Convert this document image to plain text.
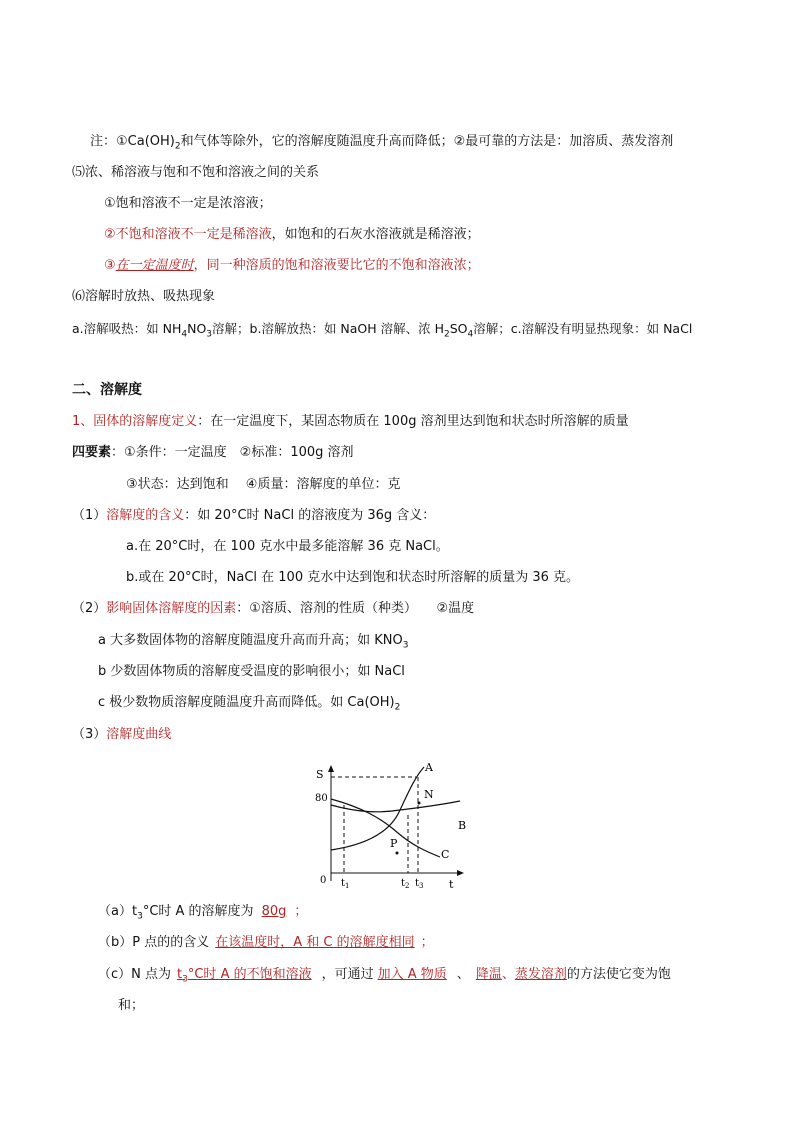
注：$①Ca(OH)_2$和气体等除外，它的溶解度随温度升高而降低；②最可靠的方法是：加溶质、蒸发溶剂
⑸浓、稀溶液与饱和不饱和溶液之间的关系
①饱和溶液不一定是浓溶液；
②不饱和溶液不一定是稀溶液，如饱和的石灰水溶液就是稀溶液；
③在一定温度时，同一种溶质的饱和溶液要比它的不饱和溶液浓；
⑹溶解时放热、吸热现象
a.溶解吸热：如 $NH_4NO_3$溶解；b.溶解放热：如 NaOH 溶解、浓 $H_2SO_4$溶解；c.溶解没有明显热现象：如 NaCl
二、溶解度
1、固体的溶解度定义：在一定温度下，某固态物质在 100g 溶剂里达到饱和状态时所溶解的质量
四要素：①条件：一定温度　②标准：100g 溶剂
③状态：达到饱和　 ④质量：溶解度的单位：克
（1）溶解度的含义：如 20°C时 NaCl 的溶液度为 36g 含义：
a.在 20°C时，在 100 克水中最多能溶解 36 克 NaCl。
b.或在 20°C时，NaCl 在 100 克水中达到饱和状态时所溶解的质量为 36 克。
（2）影响固体溶解度的因素：①溶质、溶剂的性质（种类）　　②温度
a 大多数固体物的溶解度随温度升高而升高；如 $KNO_3$
b 少数固体物质的溶解度受温度的影响很小；如 NaCl
c 极少数物质溶解度随温度升高而降低。如 $Ca(OH)_2$
（3）溶解度曲线
S
80
0	t
A
B
C
N
P
$t_1$	$t_2$ $t_3$
$(a)t_3^\circ C$时 A 的溶解度为 80g ；
（b）P 点的的含义 在该温度时，A 和 C 的溶解度相同 ；
（c）N 点为 $t_3^\circ C$时 A 的不饱和溶液 ，可通过 加入 A 物质 、 降温、蒸发溶剂的方法使它变为饱
和；
